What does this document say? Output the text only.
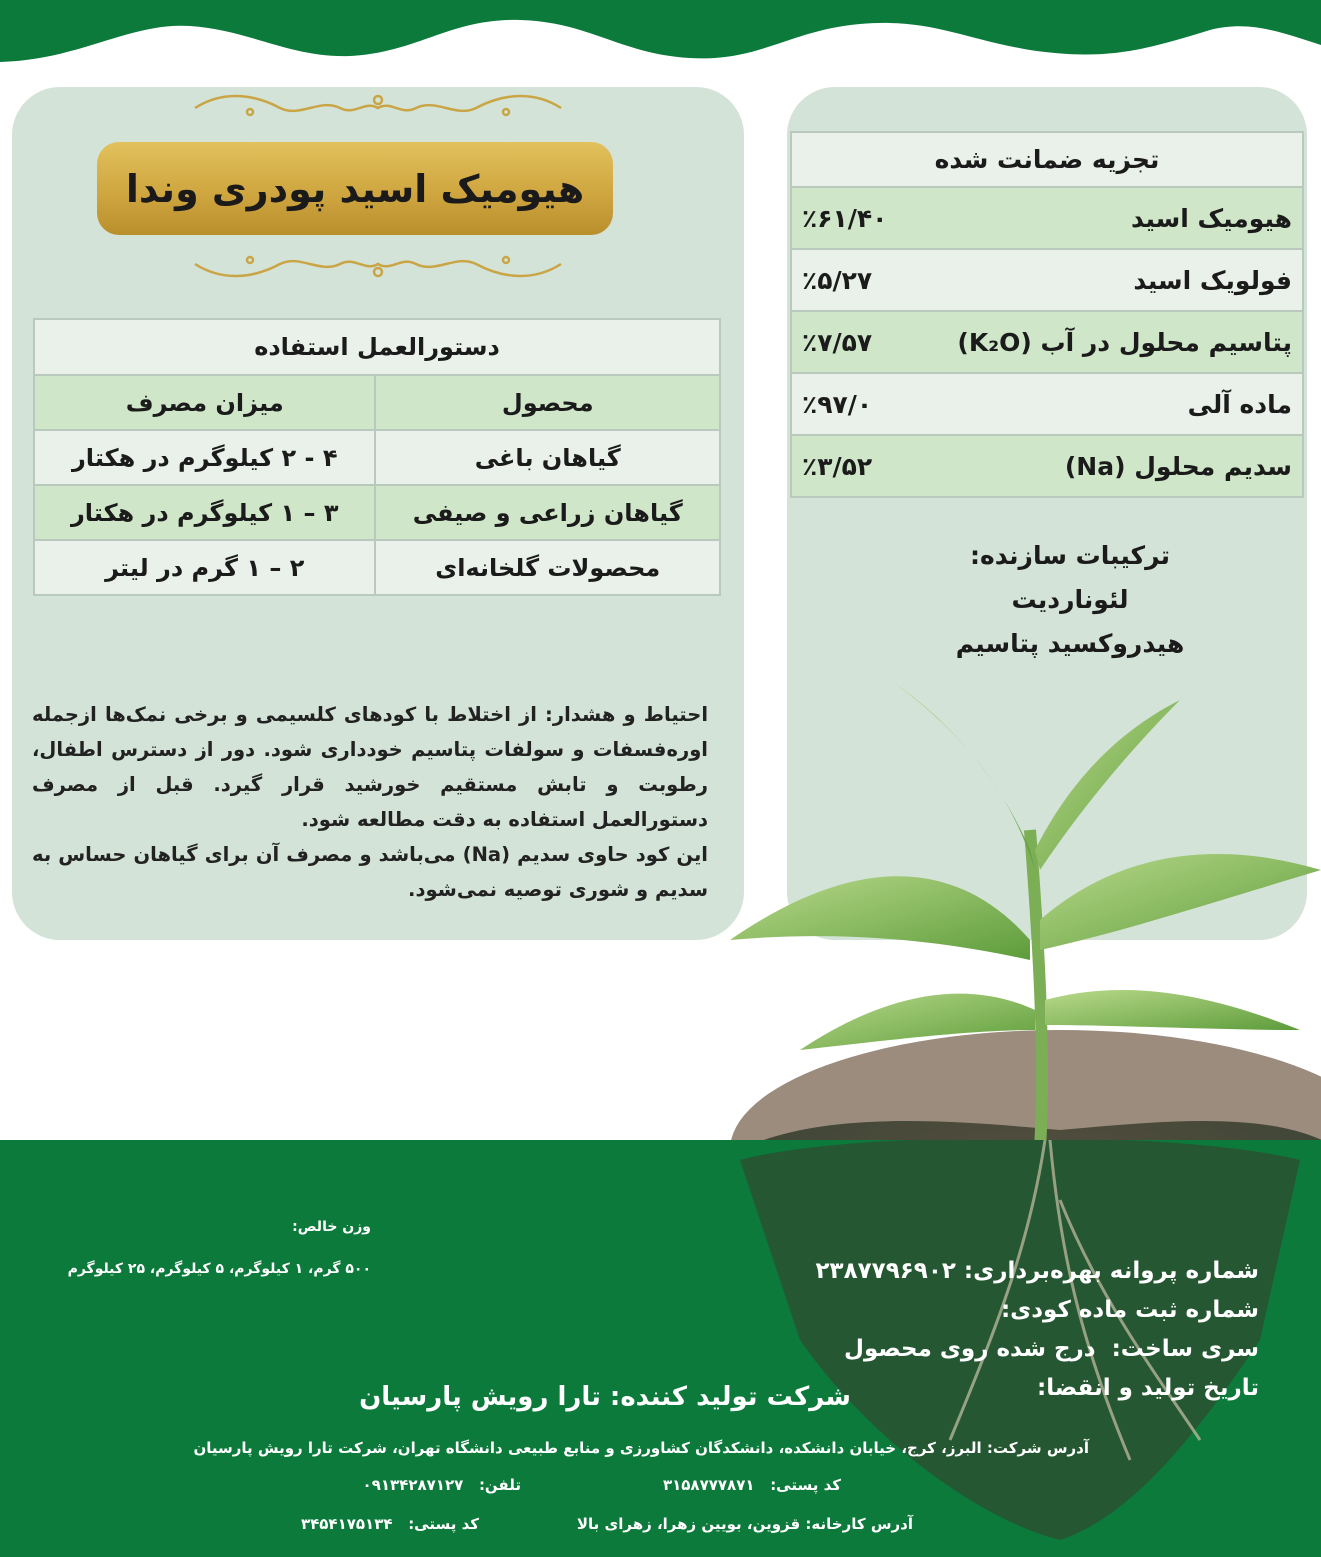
هیومیک اسید پودری وندا
دستورالعمل استفاده	
محصول	میزان مصرف
گیاهان باغی	۴ - ۲ کیلوگرم در هکتار
گیاهان زراعی و صیفی	۳ – ۱ کیلوگرم در هکتار
محصولات گلخانه‌ای	۲ – ۱ گرم در لیتر

احتیاط و هشدار: از اختلاط با کودهای کلسیمی و برخی نمک‌ها ازجمله اوره‌فسفات و سولفات پتاسیم خودداری شود. دور از دسترس اطفال، رطوبت و تابش مستقیم خورشید قرار گیرد. قبل از مصرف دستورالعمل استفاده به دقت مطالعه شود.

این کود حاوی سدیم (Na) می‌باشد و مصرف آن برای گیاهان حساس به سدیم و شوری توصیه نمی‌شود.

تجزیه ضمانت شده	
هیومیک اسید	٪۶۱/۴۰
فولویک اسید	٪۵/۲۷
پتاسیم محلول در آب (K₂O)	٪۷/۵۷
ماده آلی	٪۹۷/۰
سدیم محلول (Na)	٪۳/۵۲
ترکیبات سازنده:
لئوناردیت
هیدروکسید پتاسیم
وزن خالص:
۵۰۰ گرم، ۱ کیلوگرم، ۵ کیلوگرم، ۲۵ کیلوگرم	شماره پروانه بهره‌برداری: ۲۳۸۷۷۹۶۹۰۲
شماره ثبت ماده کودی:
سری ساخت:  درج شده روی محصول
تاریخ تولید و انقضا:
شرکت تولید کننده: تارا رویش پارسیان
آدرس شرکت: البرز، کرج، خیابان دانشکده، دانشکدگان کشاورزی و منابع طبیعی دانشگاه تهران، شرکت تارا رویش پارسیان
کد پستی:   ۳۱۵۸۷۷۷۸۷۱
تلفن:   ۰۹۱۳۴۲۸۷۱۲۷
آدرس کارخانه: قزوین، بویین زهرا، زهرای بالا
کد پستی:   ۳۴۵۴۱۷۵۱۳۴
